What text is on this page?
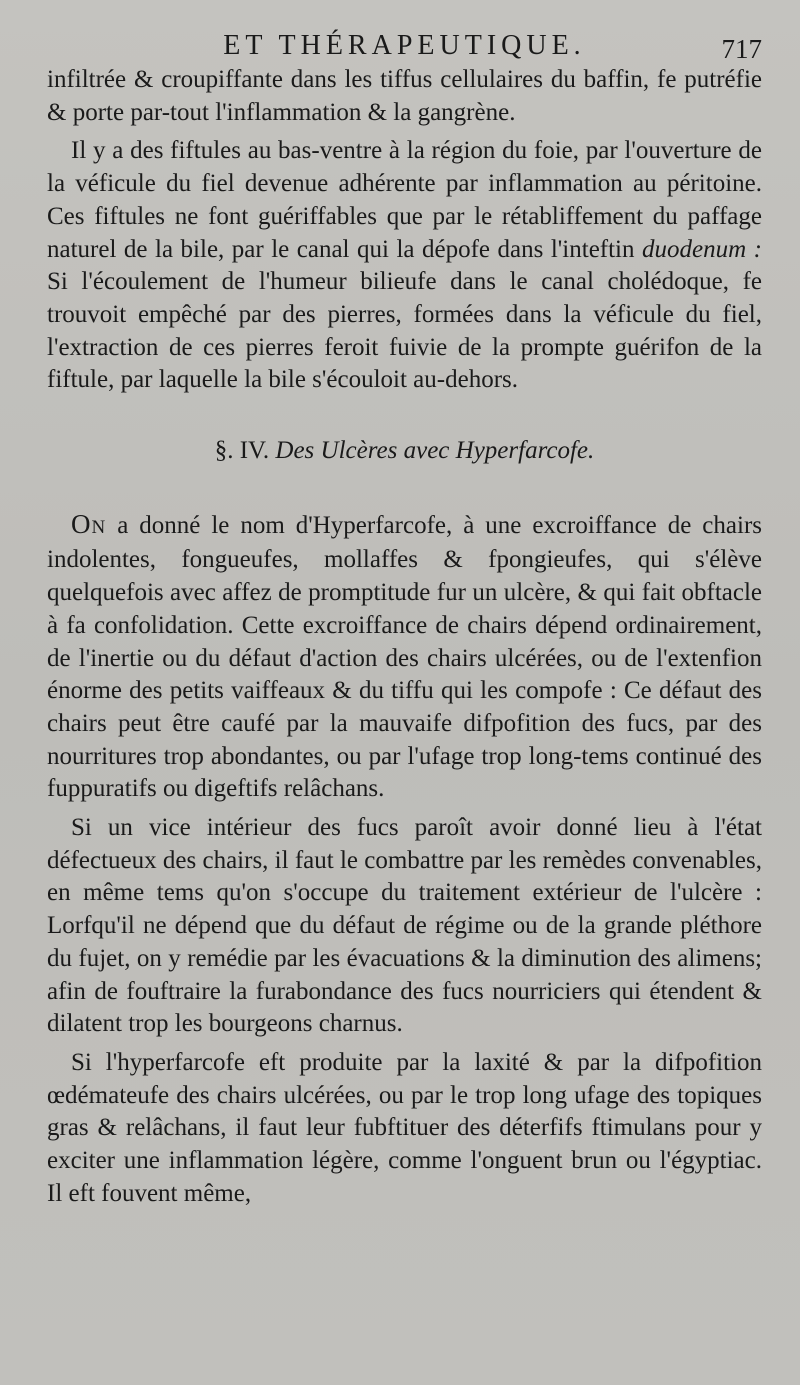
ET THÉRAPEUTIQUE.	717

infiltrée & croupiffante dans les tiffus cellulaires du baffin, fe putréfie & porte par-tout l'inflammation & la gangrène.

Il y a des fiftules au bas-ventre à la région du foie, par l'ouverture de la véficule du fiel devenue adhérente par inflammation au péritoine. Ces fiftules ne font guériffables que par le rétabliffement du paffage naturel de la bile, par le canal qui la dépofe dans l'inteftin duodenum : Si l'écoulement de l'humeur bilieufe dans le canal cholédoque, fe trouvoit empêché par des pierres, formées dans la véficule du fiel, l'extraction de ces pierres feroit fuivie de la prompte guérifon de la fiftule, par laquelle la bile s'écouloit au-dehors.

§. IV. Des Ulcères avec Hyperfarcofe.

ON a donné le nom d'Hyperfarcofe, à une excroiffance de chairs indolentes, fongueufes, mollaffes & fpongieufes, qui s'élève quelquefois avec affez de promptitude fur un ulcère, & qui fait obftacle à fa confolidation. Cette excroiffance de chairs dépend ordinairement, de l'inertie ou du défaut d'action des chairs ulcérées, ou de l'extenfion énorme des petits vaiffeaux & du tiffu qui les compofe : Ce défaut des chairs peut être caufé par la mauvaife difpofition des fucs, par des nourritures trop abondantes, ou par l'ufage trop long-tems continué des fuppuratifs ou digeftifs relâchans.

Si un vice intérieur des fucs paroît avoir donné lieu à l'état défectueux des chairs, il faut le combattre par les remèdes convenables, en même tems qu'on s'occupe du traitement extérieur de l'ulcère : Lorfqu'il ne dépend que du défaut de régime ou de la grande pléthore du fujet, on y remédie par les évacuations & la diminution des alimens; afin de fouftraire la furabondance des fucs nourriciers qui étendent & dilatent trop les bourgeons charnus.

Si l'hyperfarcofe eft produite par la laxité & par la difpofition œdémateufe des chairs ulcérées, ou par le trop long ufage des topiques gras & relâchans, il faut leur fubftituer des déterfifs ftimulans pour y exciter une inflammation légère, comme l'onguent brun ou l'égyptiac. Il eft fouvent même,
